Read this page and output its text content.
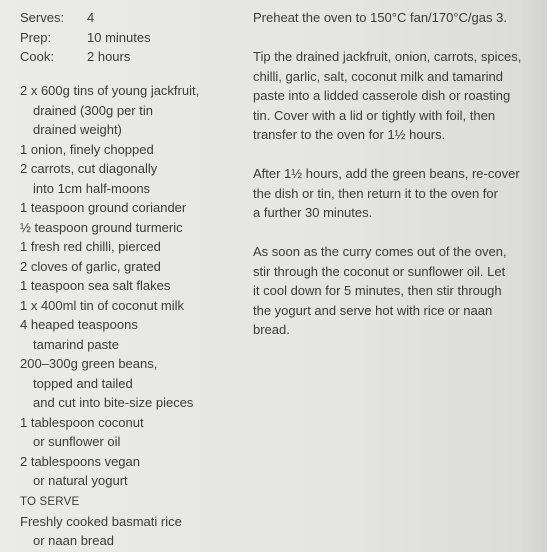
Serves:	4
Prep:	10 minutes
Cook:	2 hours
2 x 600g tins of young jackfruit,
drained (300g per tin
drained weight)
1 onion, finely chopped
2 carrots, cut diagonally
into 1cm half-moons
1 teaspoon ground coriander
½ teaspoon ground turmeric
1 fresh red chilli, pierced
2 cloves of garlic, grated
1 teaspoon sea salt flakes
1 x 400ml tin of coconut milk
4 heaped teaspoons
tamarind paste
200–300g green beans,
topped and tailed
and cut into bite-size pieces
1 tablespoon coconut
or sunflower oil
2 tablespoons vegan
or natural yogurt
TO SERVE
Freshly cooked basmati rice
or naan bread

Preheat the oven to 150°C fan/170°C/gas 3.

Tip the drained jackfruit, onion, carrots, spices,
chilli, garlic, salt, coconut milk and tamarind
paste into a lidded casserole dish or roasting
tin. Cover with a lid or tightly with foil, then
transfer to the oven for 1½ hours.

After 1½ hours, add the green beans, re-cover
the dish or tin, then return it to the oven for
a further 30 minutes.

As soon as the curry comes out of the oven,
stir through the coconut or sunflower oil. Let
it cool down for 5 minutes, then stir through
the yogurt and serve hot with rice or naan
bread.
